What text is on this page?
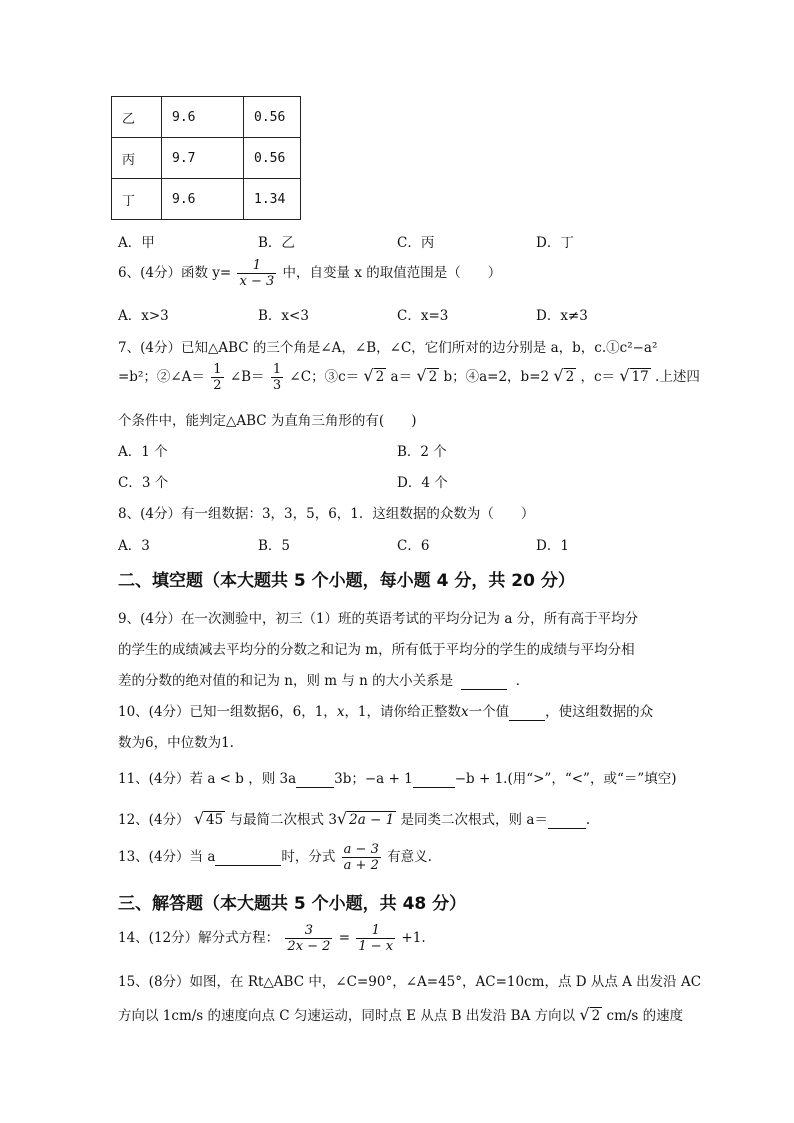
乙	9.6	0.56
丙	9.7	0.56
丁	9.6	1.34
A．甲	B．乙	C．丙	D．丁
6、(4分）函数 $y= \frac{1}{x - 3}$ 中，自变量 x 的取值范围是（　　）
A．x>3	B．x<3	C．x=3	D．x≠3
7、(4分）已知△ABC 的三个角是∠A，∠B，∠C，它们所对的边分别是 a，b，c.①c²−a²
=b²；②∠A＝ $\frac{1}{2}$ ∠B＝ $\frac{1}{3}$ ∠C；③c＝ √ 2 a＝ √ 2 b；④a=2，b=2 √ 2 ，c＝ √ 17 .上述四
个条件中，能判定△ABC 为直角三角形的有(　　)
A．1 个	B．2 个
C．3 个	D．4 个
8、(4分）有一组数据：3，3，5，6，1．这组数据的众数为（　　）
A．3	B．5	C．6	D．1
二、填空题（本大题共 5 个小题，每小题 4 分，共 20 分）
9、(4分）在一次测验中，初三（1）班的英语考试的平均分记为 a 分，所有高于平均分
的学生的成绩减去平均分的分数之和记为 m，所有低于平均分的学生的成绩与平均分相
差的分数的绝对值的和记为 n，则 m 与 n 的大小关系是	．
10、(4分）已知一组数据6，6，1，x，1，请你给正整数x一个值	，使这组数据的众
数为6，中位数为1.
11、(4分）若 a < b ，则 3a	3b；−a + 1	−b + 1.(用“>”，“<”，或“＝”填空)
12、(4分） √ 45 与最简二次根式 3√ 2a − 1 是同类二次根式，则 a＝	.
13、(4分）当 a	时，分式 $\frac{a - 3}{a + 2}$ 有意义.
三、解答题（本大题共 5 个小题，共 48 分）
14、(12分）解分式方程： $\frac{3}{2x - 2} = \frac{1}{1 - x} +1$.
15、(8分）如图，在 Rt△ABC 中，∠C=90°，∠A=45°，AC=10cm，点 D 从点 A 出发沿 AC
方向以 1cm/s 的速度向点 C 匀速运动，同时点 E 从点 B 出发沿 BA 方向以 √ 2 cm/s 的速度
